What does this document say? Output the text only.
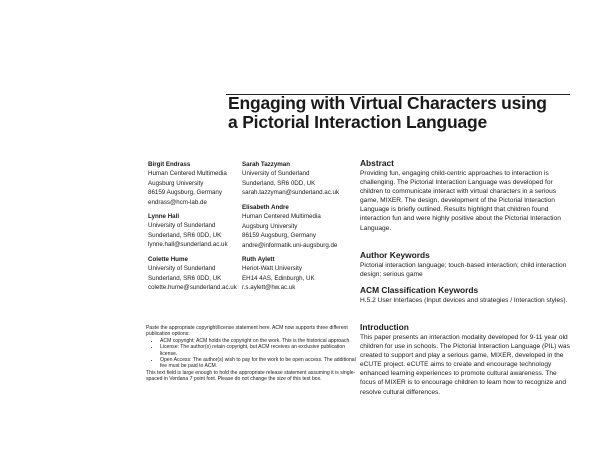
Engaging with Virtual Characters using
a Pictorial Interaction Language
Birgit Endrass
Human Centered Multimedia
Augsburg University
86159 Augsburg, Germany
endrass@hcm-lab.de
Lynne Hall
University of Sunderland
Sunderland, SR6 0DD, UK
lynne.hall@sunderland.ac.uk
Colette Hume
University of Sunderland
Sunderland, SR6 0DD, UK
colette.hume@sunderland.ac.uk
Sarah Tazzyman
University of Sunderland
Sunderland, SR6 0DD, UK
sarah.tazzyman@sunderland.ac.uk
Elisabeth Andre
Human Centered Multimedia
Augsburg University
86159 Augsburg, Germany
andre@informatik.uni-augsburg.de
Ruth Aylett
Heriot-Watt University
EH14 4AS, Edinburgh, UK
r.s.aylett@hw.ac.uk
Paste the appropriate copyright/license statement here. ACM now supports three different publication options:
• ACM copyright: ACM holds the copyright on the work. This is the historical approach.
• License: The author(s) retain copyright, but ACM receives an exclusive publication license.
• Open Access: The author(s) wish to pay for the work to be open access. The additional fee must be paid to ACM.
This text field is large enough to hold the appropriate release statement assuming it is single-spaced in Verdana 7 point font. Please do not change the size of this text box.
Abstract
Providing fun, engaging child-centric approaches to interaction is challenging. The Pictorial Interaction Language was developed for children to communicate interact with virtual characters in a serious game, MIXER. The design, development of the Pictorial Interaction Language is briefly outlined. Results highlight that children found interaction fun and were highly positive about the Pictorial Interaction Language.
Author Keywords
Pictorial interaction language; touch-based interaction; child interaction design; serious game
ACM Classification Keywords
H.5.2 User Interfaces (Input devices and strategies / Interaction styles).
Introduction
This paper presents an interaction modality developed for 9-11 year old children for use in schools. The Pictorial Interaction Language (PIL) was created to support and play a serious game, MIXER, developed in the eCUTE project. eCUTE aims to create and encourage technology enhanced learning experiences to promote cultural awareness. The focus of MIXER is to encourage children to learn how to recognize and resolve cultural differences.
